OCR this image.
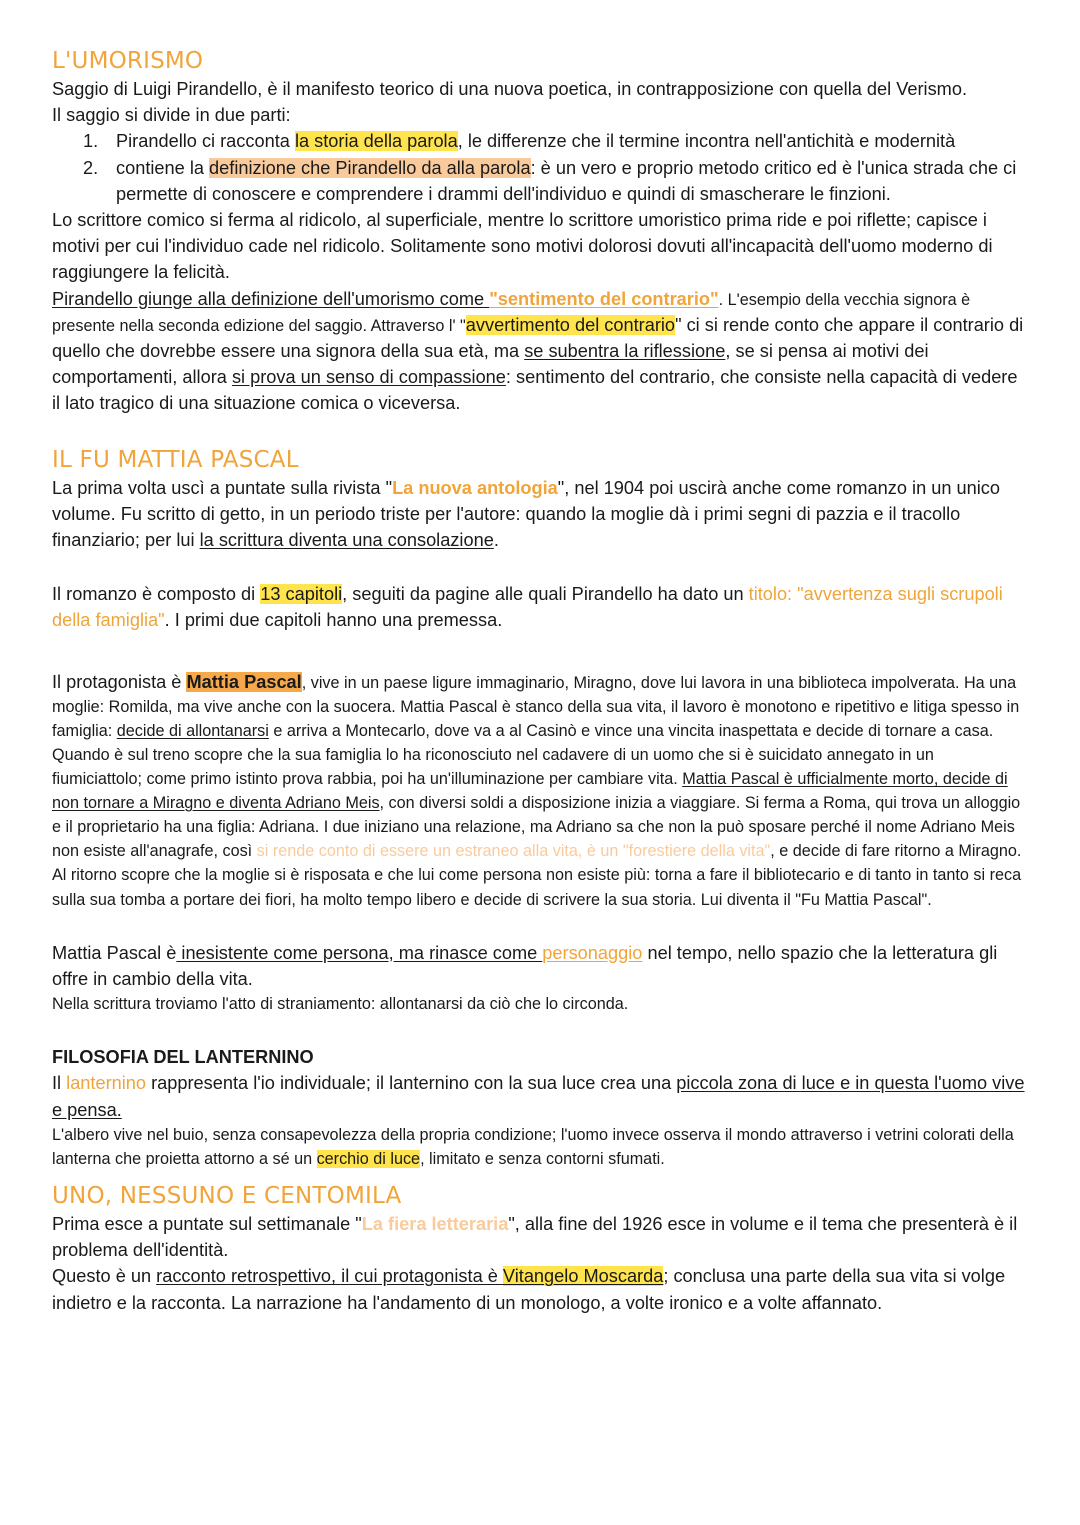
L'UMORISMO

Saggio di Luigi Pirandello, è il manifesto teorico di una nuova poetica, in contrapposizione con quella del Verismo.

Il saggio si divide in due parti:

1. Pirandello ci racconta la storia della parola, le differenze che il termine incontra nell'antichità e modernità
2. contiene la definizione che Pirandello da alla parola: è un vero e proprio metodo critico ed è l'unica strada che ci permette di conoscere e comprendere i drammi dell'individuo e quindi di smascherare le finzioni.

Lo scrittore comico si ferma al ridicolo, al superficiale, mentre lo scrittore umoristico prima ride e poi riflette; capisce i motivi per cui l'individuo cade nel ridicolo. Solitamente sono motivi dolorosi dovuti all'incapacità dell'uomo moderno di raggiungere la felicità.

Pirandello giunge alla definizione dell'umorismo come "sentimento del contrario". L'esempio della vecchia signora è presente nella seconda edizione del saggio. Attraverso l' "avvertimento del contrario" ci si rende conto che appare il contrario di quello che dovrebbe essere una signora della sua età, ma se subentra la riflessione, se si pensa ai motivi dei comportamenti, allora si prova un senso di compassione: sentimento del contrario, che consiste nella capacità di vedere il lato tragico di una situazione comica o viceversa.

IL FU MATTIA PASCAL

La prima volta uscì a puntate sulla rivista "La nuova antologia", nel 1904 poi uscirà anche come romanzo in un unico volume. Fu scritto di getto, in un periodo triste per l'autore: quando la moglie dà i primi segni di pazzia e il tracollo finanziario; per lui la scrittura diventa una consolazione.

Il romanzo è composto di 13 capitoli, seguiti da pagine alle quali Pirandello ha dato un titolo: "avvertenza sugli scrupoli della famiglia". I primi due capitoli hanno una premessa.

Il protagonista è Mattia Pascal, vive in un paese ligure immaginario, Miragno, dove lui lavora in una biblioteca impolverata. Ha una moglie: Romilda, ma vive anche con la suocera. Mattia Pascal è stanco della sua vita, il lavoro è monotono e ripetitivo e litiga spesso in famiglia: decide di allontanarsi e arriva a Montecarlo, dove va a al Casinò e vince una vincita inaspettata e decide di tornare a casa. Quando è sul treno scopre che la sua famiglia lo ha riconosciuto nel cadavere di un uomo che si è suicidato annegato in un fiumiciattolo; come primo istinto prova rabbia, poi ha un'illuminazione per cambiare vita. Mattia Pascal è ufficialmente morto, decide di non tornare a Miragno e diventa Adriano Meis, con diversi soldi a disposizione inizia a viaggiare. Si ferma a Roma, qui trova un alloggio e il proprietario ha una figlia: Adriana. I due iniziano una relazione, ma Adriano sa che non la può sposare perché il nome Adriano Meis non esiste all'anagrafe, così si rende conto di essere un estraneo alla vita, è un "forestiere della vita", e decide di fare ritorno a Miragno. Al ritorno scopre che la moglie si è risposata e che lui come persona non esiste più: torna a fare il bibliotecario e di tanto in tanto si reca sulla sua tomba a portare dei fiori, ha molto tempo libero e decide di scrivere la sua storia. Lui diventa il "Fu Mattia Pascal".

Mattia Pascal è inesistente come persona, ma rinasce come personaggio nel tempo, nello spazio che la letteratura gli offre in cambio della vita.

Nella scrittura troviamo l'atto di straniamento: allontanarsi da ciò che lo circonda.

FILOSOFIA DEL LANTERNINO

Il lanternino rappresenta l'io individuale; il lanternino con la sua luce crea una piccola zona di luce e in questa l'uomo vive e pensa.

L'albero vive nel buio, senza consapevolezza della propria condizione; l'uomo invece osserva il mondo attraverso i vetrini colorati della lanterna che proietta attorno a sé un cerchio di luce, limitato e senza contorni sfumati.

UNO, NESSUNO E CENTOMILA

Prima esce a puntate sul settimanale "La fiera letteraria", alla fine del 1926 esce in volume e il tema che presenterà è il problema dell'identità.

Questo è un racconto retrospettivo, il cui protagonista è Vitangelo Moscarda; conclusa una parte della sua vita si volge indietro e la racconta. La narrazione ha l'andamento di un monologo, a volte ironico e a volte affannato.
